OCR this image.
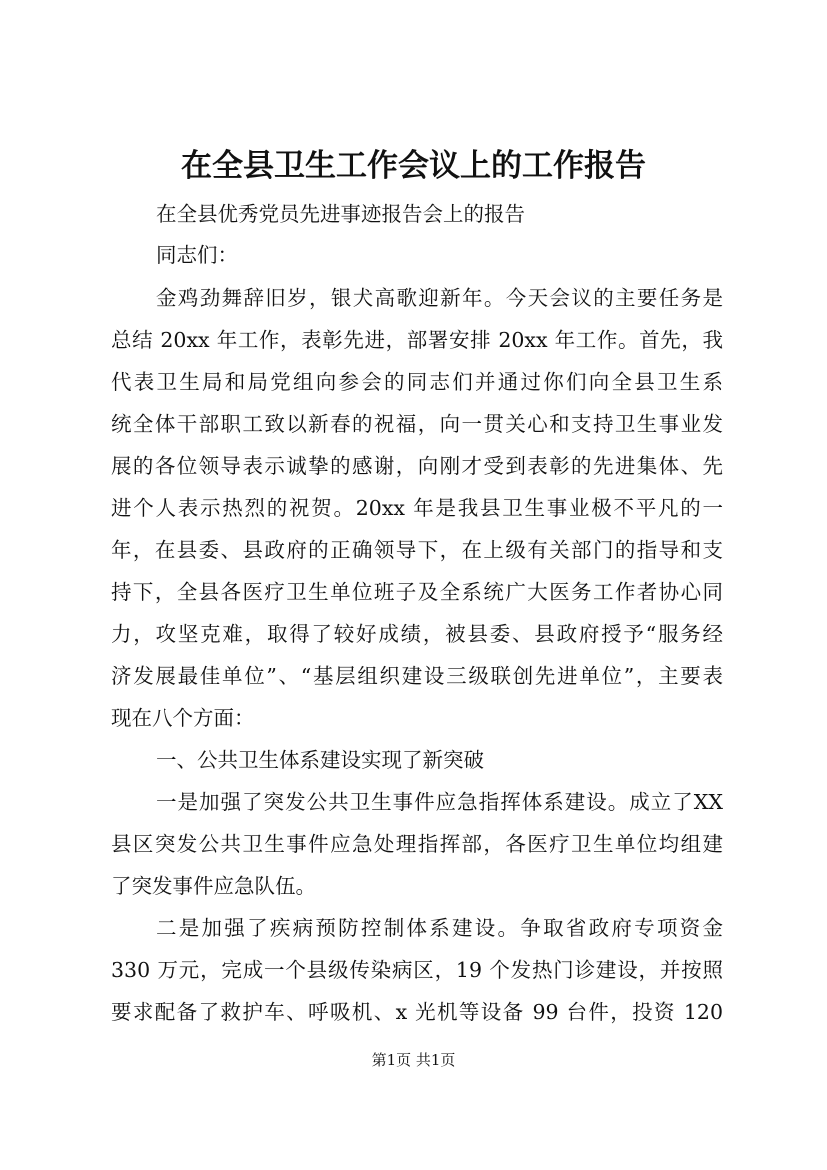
在全县卫生工作会议上的工作报告
在全县优秀党员先进事迹报告会上的报告
同志们：
金鸡劲舞辞旧岁，银犬高歌迎新年。今天会议的主要任务是
总结 20xx 年工作，表彰先进，部署安排 20xx 年工作。首先，我
代表卫生局和局党组向参会的同志们并通过你们向全县卫生系
统全体干部职工致以新春的祝福，向一贯关心和支持卫生事业发
展的各位领导表示诚挚的感谢，向刚才受到表彰的先进集体、先
进个人表示热烈的祝贺。20xx 年是我县卫生事业极不平凡的一
年，在县委、县政府的正确领导下，在上级有关部门的指导和支
持下，全县各医疗卫生单位班子及全系统广大医务工作者协心同
力，攻坚克难，取得了较好成绩，被县委、县政府授予“服务经
济发展最佳单位”、“基层组织建设三级联创先进单位”，主要表
现在八个方面：
一、公共卫生体系建设实现了新突破
一是加强了突发公共卫生事件应急指挥体系建设。成立了XX
县区突发公共卫生事件应急处理指挥部，各医疗卫生单位均组建
了突发事件应急队伍。
二是加强了疾病预防控制体系建设。争取省政府专项资金
330 万元，完成一个县级传染病区，19 个发热门诊建设，并按照
要求配备了救护车、呼吸机、x 光机等设备 99 台件，投资 120
第1页 共1页
